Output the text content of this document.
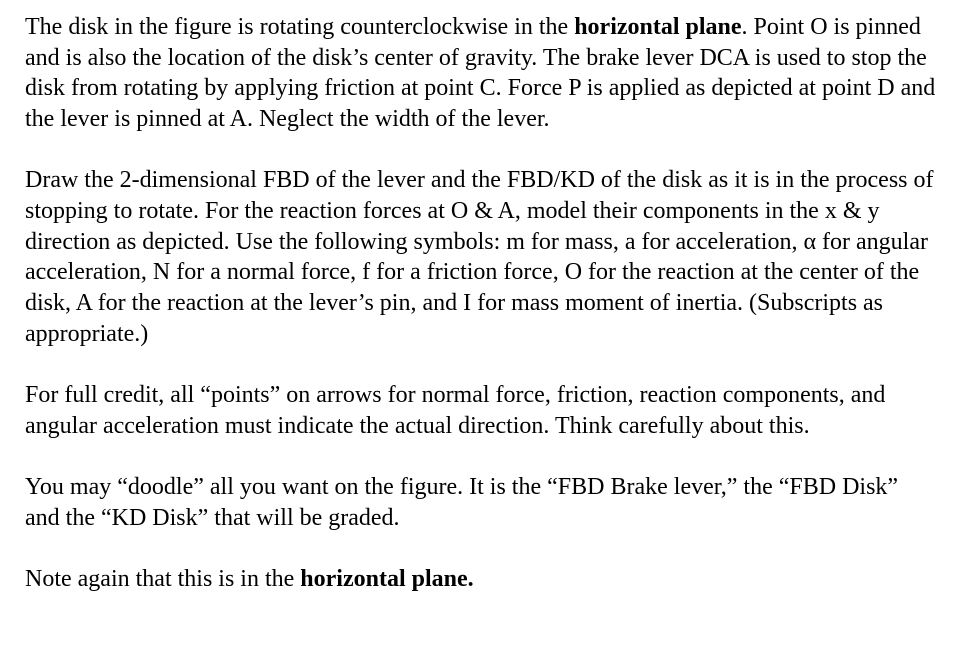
The disk in the figure is rotating counterclockwise in the horizontal plane. Point O is pinned and is also the location of the disk’s center of gravity. The brake lever DCA is used to stop the disk from rotating by applying friction at point C. Force P is applied as depicted at point D and the lever is pinned at A. Neglect the width of the lever.

Draw the 2-dimensional FBD of the lever and the FBD/KD of the disk as it is in the process of stopping to rotate. For the reaction forces at O & A, model their components in the x & y direction as depicted. Use the following symbols: m for mass, a for acceleration, α for angular acceleration, N for a normal force, f for a friction force, O for the reaction at the center of the disk, A for the reaction at the lever’s pin, and I for mass moment of inertia. (Subscripts as appropriate.)

For full credit, all “points” on arrows for normal force, friction, reaction components, and angular acceleration must indicate the actual direction. Think carefully about this.

You may “doodle” all you want on the figure. It is the “FBD Brake lever,” the “FBD Disk” and the “KD Disk” that will be graded.

Note again that this is in the horizontal plane.
